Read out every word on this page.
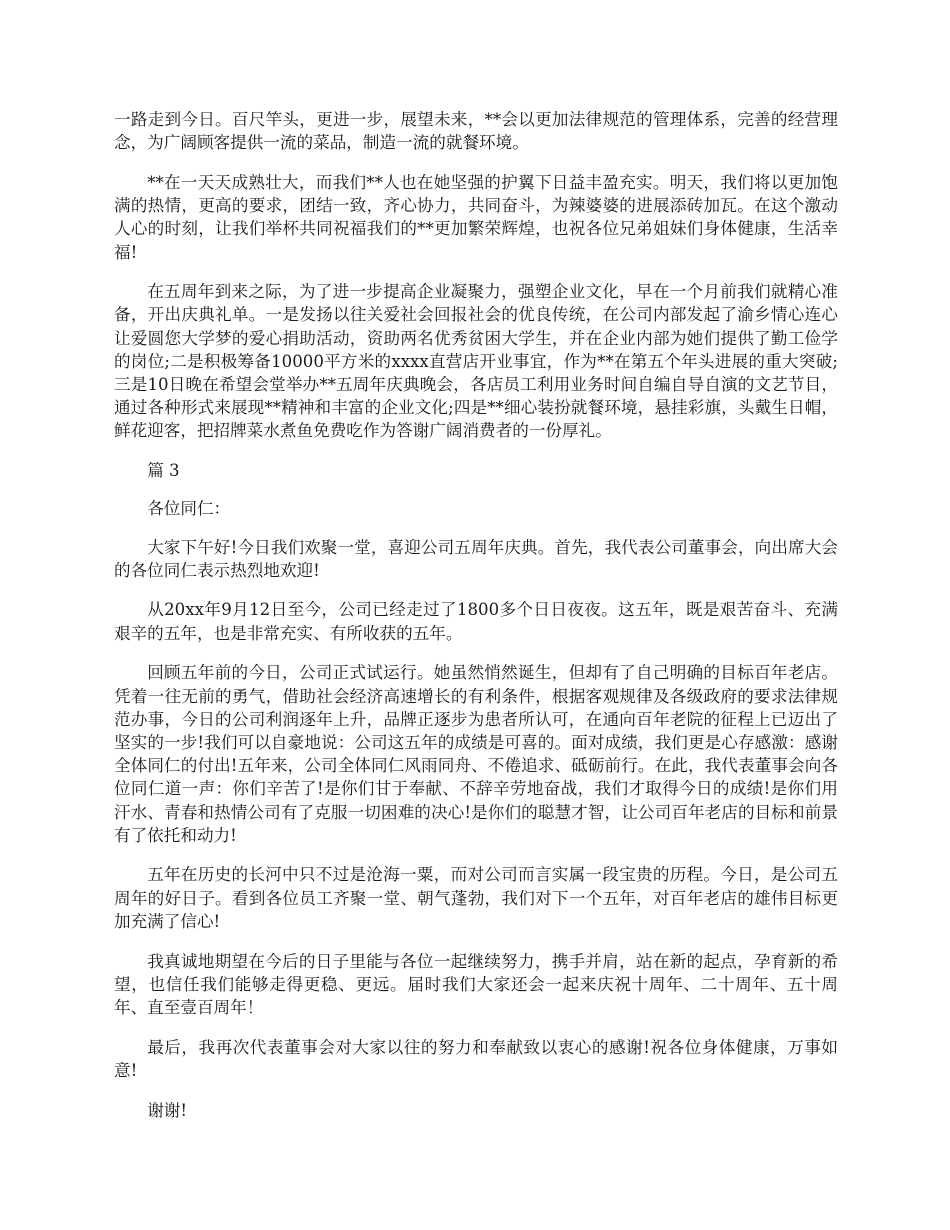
一路走到今日。百尺竿头，更进一步，展望未来，**会以更加法律规范的管理体系，完善的经营理念，为广阔顾客提供一流的菜品，制造一流的就餐环境。

**在一天天成熟壮大，而我们**人也在她坚强的护翼下日益丰盈充实。明天，我们将以更加饱满的热情，更高的要求，团结一致，齐心协力，共同奋斗，为辣婆婆的进展添砖加瓦。在这个激动人心的时刻，让我们举杯共同祝福我们的**更加繁荣辉煌，也祝各位兄弟姐妹们身体健康，生活幸福!

在五周年到来之际，为了进一步提高企业凝聚力，强塑企业文化，早在一个月前我们就精心准备，开出庆典礼单。一是发扬以往关爱社会回报社会的优良传统，在公司内部发起了渝乡情心连心让爱圆您大学梦的爱心捐助活动，资助两名优秀贫困大学生，并在企业内部为她们提供了勤工俭学的岗位;二是积极筹备10000平方米的xxxx直营店开业事宜，作为**在第五个年头进展的重大突破;三是10日晚在希望会堂举办**五周年庆典晚会，各店员工利用业务时间自编自导自演的文艺节目，通过各种形式来展现**精神和丰富的企业文化;四是**细心装扮就餐环境，悬挂彩旗，头戴生日帽，鲜花迎客，把招牌菜水煮鱼免费吃作为答谢广阔消费者的一份厚礼。

篇 3

各位同仁：

大家下午好!今日我们欢聚一堂，喜迎公司五周年庆典。首先，我代表公司董事会，向出席大会的各位同仁表示热烈地欢迎!

从20xx年9月12日至今，公司已经走过了1800多个日日夜夜。这五年，既是艰苦奋斗、充满艰辛的五年，也是非常充实、有所收获的五年。

回顾五年前的今日，公司正式试运行。她虽然悄然诞生，但却有了自己明确的目标百年老店。凭着一往无前的勇气，借助社会经济高速增长的有利条件，根据客观规律及各级政府的要求法律规范办事，今日的公司利润逐年上升，品牌正逐步为患者所认可，在通向百年老院的征程上已迈出了坚实的一步!我们可以自豪地说：公司这五年的成绩是可喜的。面对成绩，我们更是心存感激：感谢全体同仁的付出!五年来，公司全体同仁风雨同舟、不倦追求、砥砺前行。在此，我代表董事会向各位同仁道一声：你们辛苦了!是你们甘于奉献、不辞辛劳地奋战，我们才取得今日的成绩!是你们用汗水、青春和热情公司有了克服一切困难的决心!是你们的聪慧才智，让公司百年老店的目标和前景有了依托和动力!

五年在历史的长河中只不过是沧海一粟，而对公司而言实属一段宝贵的历程。今日，是公司五周年的好日子。看到各位员工齐聚一堂、朝气蓬勃，我们对下一个五年，对百年老店的雄伟目标更加充满了信心!

我真诚地期望在今后的日子里能与各位一起继续努力，携手并肩，站在新的起点，孕育新的希望，也信任我们能够走得更稳、更远。届时我们大家还会一起来庆祝十周年、二十周年、五十周年、直至壹百周年！

最后，我再次代表董事会对大家以往的努力和奉献致以衷心的感谢!祝各位身体健康，万事如意!

谢谢!
